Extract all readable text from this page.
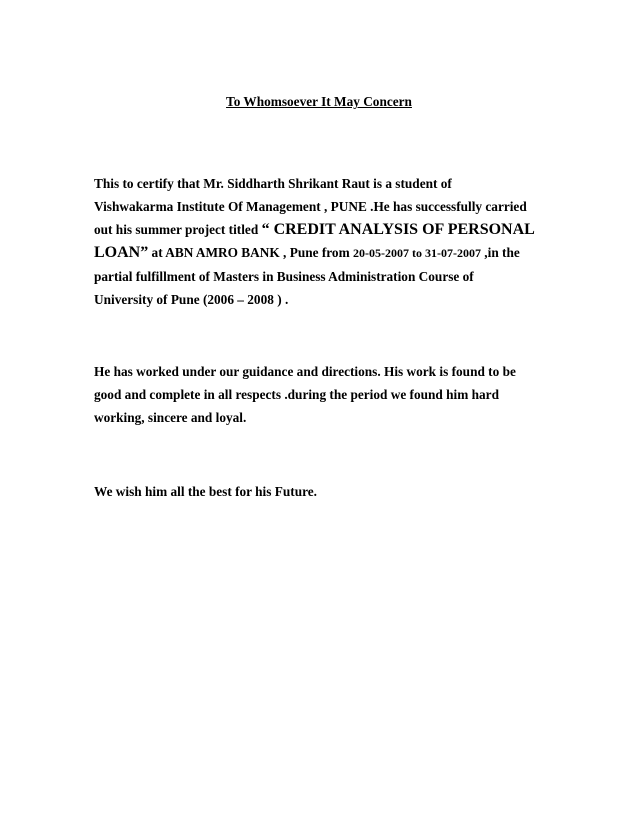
To Whomsoever It May Concern

This to certify that Mr. Siddharth Shrikant Raut is a student of
Vishwakarma Institute Of Management , PUNE .He has successfully carried
out his summer project titled “ CREDIT ANALYSIS OF PERSONAL
LOAN” at ABN AMRO BANK , Pune from 20-05-2007 to 31-07-2007 ,in the
partial fulfillment of Masters in Business Administration Course of
University of Pune (2006 – 2008 ) .
He has worked under our guidance and directions. His work is found to be
good and complete in all respects .during the period we found him hard
working, sincere and loyal.
We wish him all the best for his Future.
